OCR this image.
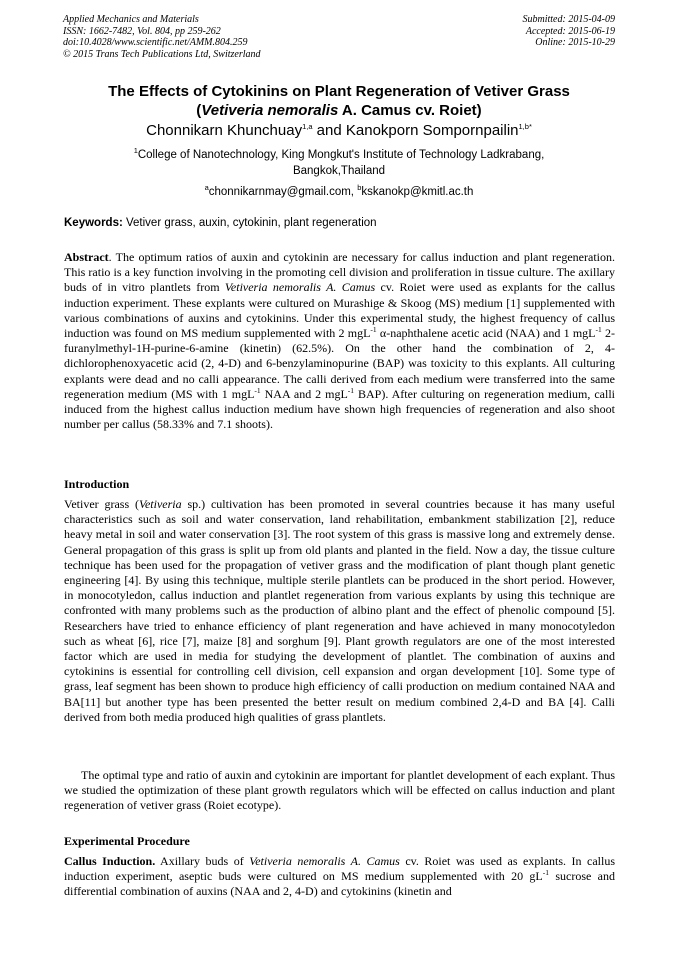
Applied Mechanics and Materials
ISSN: 1662-7482, Vol. 804, pp 259-262
doi:10.4028/www.scientific.net/AMM.804.259
© 2015 Trans Tech Publications Ltd, Switzerland
Submitted: 2015-04-09
Accepted: 2015-06-19
Online: 2015-10-29
The Effects of Cytokinins on Plant Regeneration of Vetiver Grass
(Vetiveria nemoralis A. Camus cv. Roiet)
Chonnikarn Khunchuay$^{1,a}$ and Kanokporn Sompornpailin$^{1,b*}$
$^1$College of Nanotechnology, King Mongkut's Institute of Technology Ladkrabang,
Bangkok,Thailand
$^a$chonnikarnmay@gmail.com, $^b$kskanokp@kmitl.ac.th
Keywords: Vetiver grass, auxin, cytokinin, plant regeneration
Abstract. The optimum ratios of auxin and cytokinin are necessary for callus induction and plant regeneration. This ratio is a key function involving in the promoting cell division and proliferation in tissue culture. The axillary buds of in vitro plantlets from Vetiveria nemoralis A. Camus cv. Roiet were used as explants for the callus induction experiment. These explants were cultured on Murashige & Skoog (MS) medium [1] supplemented with various combinations of auxins and cytokinins. Under this experimental study, the highest frequency of callus induction was found on MS medium supplemented with 2 mgL$^{-1}$ α-naphthalene acetic acid (NAA) and 1 mgL$^{-1}$ 2-furanylmethyl-1H-purine-6-amine (kinetin) (62.5%). On the other hand the combination of 2, 4-dichlorophenoxyacetic acid (2, 4-D) and 6-benzylaminopurine (BAP) was toxicity to this explants. All culturing explants were dead and no calli appearance. The calli derived from each medium were transferred into the same regeneration medium (MS with 1 mgL$^{-1}$ NAA and 2 mgL$^{-1}$ BAP). After culturing on regeneration medium, calli induced from the highest callus induction medium have shown high frequencies of regeneration and also shoot number per callus (58.33% and 7.1 shoots).
Introduction
Vetiver grass (Vetiveria sp.) cultivation has been promoted in several countries because it has many useful characteristics such as soil and water conservation, land rehabilitation, embankment stabilization [2], reduce heavy metal in soil and water conservation [3]. The root system of this grass is massive long and extremely dense. General propagation of this grass is split up from old plants and planted in the field. Now a day, the tissue culture technique has been used for the propagation of vetiver grass and the modification of plant though plant genetic engineering [4]. By using this technique, multiple sterile plantlets can be produced in the short period. However, in monocotyledon, callus induction and plantlet regeneration from various explants by using this technique are confronted with many problems such as the production of albino plant and the effect of phenolic compound [5]. Researchers have tried to enhance efficiency of plant regeneration and have achieved in many monocotyledon such as wheat [6], rice [7], maize [8] and sorghum [9]. Plant growth regulators are one of the most interested factor which are used in media for studying the development of plantlet. The combination of auxins and cytokinins is essential for controlling cell division, cell expansion and organ development [10]. Some type of grass, leaf segment has been shown to produce high efficiency of calli production on medium contained NAA and BA[11] but another type has been presented the better result on medium combined 2,4-D and BA [4]. Calli derived from both media produced high qualities of grass plantlets.
The optimal type and ratio of auxin and cytokinin are important for plantlet development of each explant. Thus we studied the optimization of these plant growth regulators which will be effected on callus induction and plant regeneration of vetiver grass (Roiet ecotype).
Experimental Procedure
Callus Induction. Axillary buds of Vetiveria nemoralis A. Camus cv. Roiet was used as explants. In callus induction experiment, aseptic buds were cultured on MS medium supplemented with 20 $gL^{-1}$ sucrose and differential combination of auxins (NAA and 2, 4-D) and cytokinins (kinetin and
